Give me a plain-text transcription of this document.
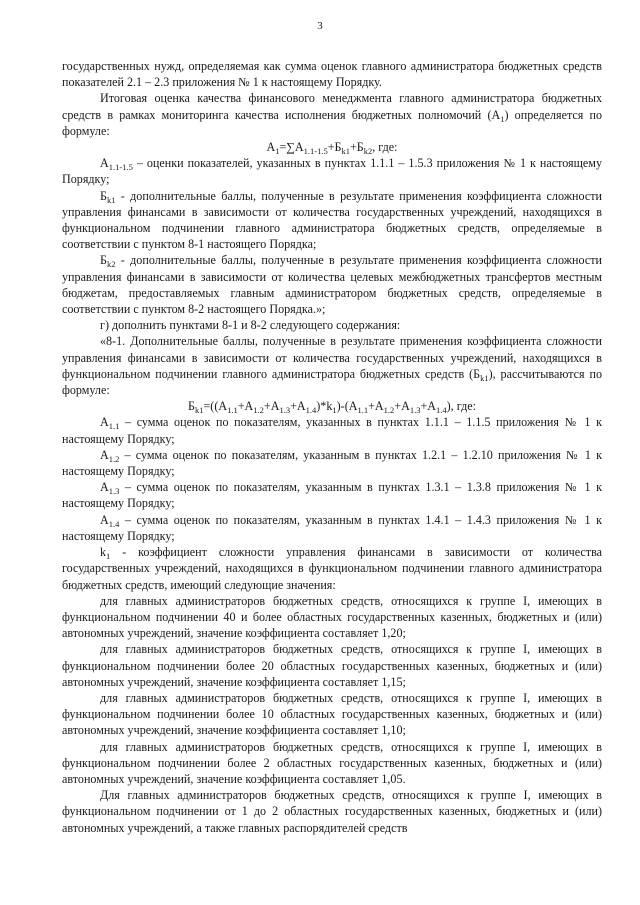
3

государственных нужд, определяемая как сумма оценок главного администратора бюджетных средств показателей 2.1 – 2.3 приложения № 1 к настоящему Порядку.

Итоговая оценка качества финансового менеджмента главного администратора бюджетных средств в рамках мониторинга качества исполнения бюджетных полномочий $(А_1)$ определяется по формуле:

$А_1=\sum А_{1.1-1.5}+Б_{k1}+Б_{k2}$, где:

$А_{1.1-1.5}$ – оценки показателей, указанных в пунктах 1.1.1 – 1.5.3 приложения № 1 к настоящему Порядку;

$Б_{k1}$ - дополнительные баллы, полученные в результате применения коэффициента сложности управления финансами в зависимости от количества государственных учреждений, находящихся в функциональном подчинении главного администратора бюджетных средств, определяемые в соответствии с пунктом 8-1 настоящего Порядка;

$Б_{k2}$ - дополнительные баллы, полученные в результате применения коэффициента сложности управления финансами в зависимости от количества целевых межбюджетных трансфертов местным бюджетам, предоставляемых главным администратором бюджетных средств, определяемые в соответствии с пунктом 8-2 настоящего Порядка.»;

г) дополнить пунктами 8-1 и 8-2 следующего содержания:

«8-1. Дополнительные баллы, полученные в результате применения коэффициента сложности управления финансами в зависимости от количества государственных учреждений, находящихся в функциональном подчинении главного администратора бюджетных средств $(Б_{k1})$, рассчитываются по формуле:

$Б_{k1}=((А_{1.1}+А_{1.2}+А_{1.3}+А_{1.4})*k_1)-(А_{1.1}+А_{1.2}+А_{1.3}+А_{1.4})$, где:

$А_{1.1}$ – сумма оценок по показателям, указанных в пунктах 1.1.1 – 1.1.5 приложения № 1 к настоящему Порядку;

$А_{1.2}$ – сумма оценок по показателям, указанным в пунктах 1.2.1 – 1.2.10 приложения № 1 к настоящему Порядку;

$А_{1.3}$ – сумма оценок по показателям, указанным в пунктах 1.3.1 – 1.3.8 приложения № 1 к настоящему Порядку;

$А_{1.4}$ – сумма оценок по показателям, указанным в пунктах 1.4.1 – 1.4.3 приложения № 1 к настоящему Порядку;

$k_1$ - коэффициент сложности управления финансами в зависимости от количества государственных учреждений, находящихся в функциональном подчинении главного администратора бюджетных средств, имеющий следующие значения:

для главных администраторов бюджетных средств, относящихся к группе I, имеющих в функциональном подчинении 40 и более областных государственных казенных, бюджетных и (или) автономных учреждений, значение коэффициента составляет 1,20;

для главных администраторов бюджетных средств, относящихся к группе I, имеющих в функциональном подчинении более 20 областных государственных казенных, бюджетных и (или) автономных учреждений, значение коэффициента составляет 1,15;

для главных администраторов бюджетных средств, относящихся к группе I, имеющих в функциональном подчинении более 10 областных государственных казенных, бюджетных и (или) автономных учреждений, значение коэффициента составляет 1,10;

для главных администраторов бюджетных средств, относящихся к группе I, имеющих в функциональном подчинении более 2 областных государственных казенных, бюджетных и (или) автономных учреждений, значение коэффициента составляет 1,05.

Для главных администраторов бюджетных средств, относящихся к группе I, имеющих в функциональном подчинении от 1 до 2 областных государственных казенных, бюджетных и (или) автономных учреждений, а также главных распорядителей средств
